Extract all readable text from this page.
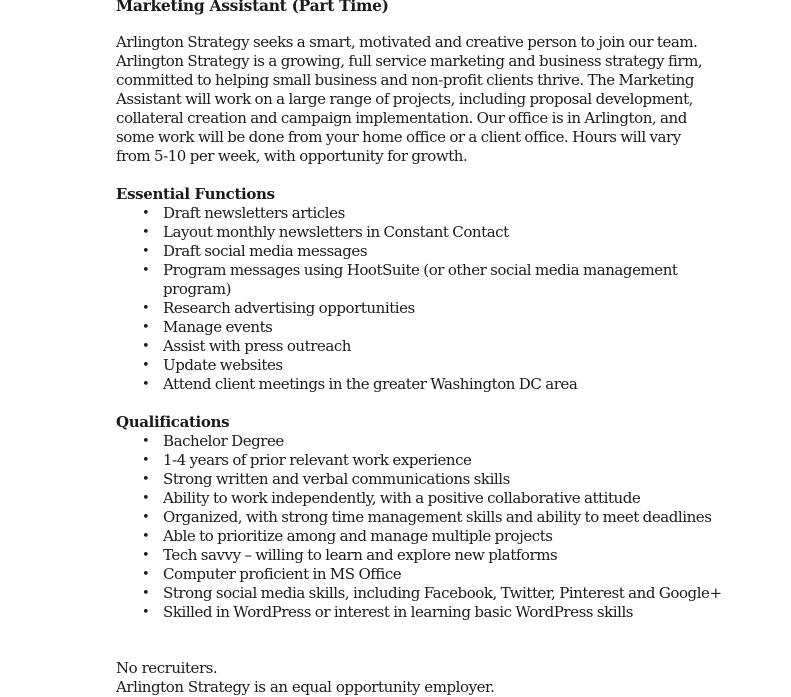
Marketing Assistant (Part Time)

Arlington Strategy seeks a smart, motivated and creative person to join our team.
Arlington Strategy is a growing, full service marketing and business strategy firm,
committed to helping small business and non-profit clients thrive. The Marketing
Assistant will work on a large range of projects, including proposal development,
collateral creation and campaign implementation. Our office is in Arlington, and
some work will be done from your home office or a client office. Hours will vary
from 5-10 per week, with opportunity for growth.

Essential Functions

• Draft newsletters articles
• Layout monthly newsletters in Constant Contact
• Draft social media messages
• Program messages using HootSuite (or other social media management
program)
• Research advertising opportunities
• Manage events
• Assist with press outreach
• Update websites
• Attend client meetings in the greater Washington DC area

Qualifications

• Bachelor Degree
• 1-4 years of prior relevant work experience
• Strong written and verbal communications skills
• Ability to work independently, with a positive collaborative attitude
• Organized, with strong time management skills and ability to meet deadlines
• Able to prioritize among and manage multiple projects
• Tech savvy – willing to learn and explore new platforms
• Computer proficient in MS Office
• Strong social media skills, including Facebook, Twitter, Pinterest and Google+
• Skilled in WordPress or interest in learning basic WordPress skills
No recruiters.
Arlington Strategy is an equal opportunity employer.
